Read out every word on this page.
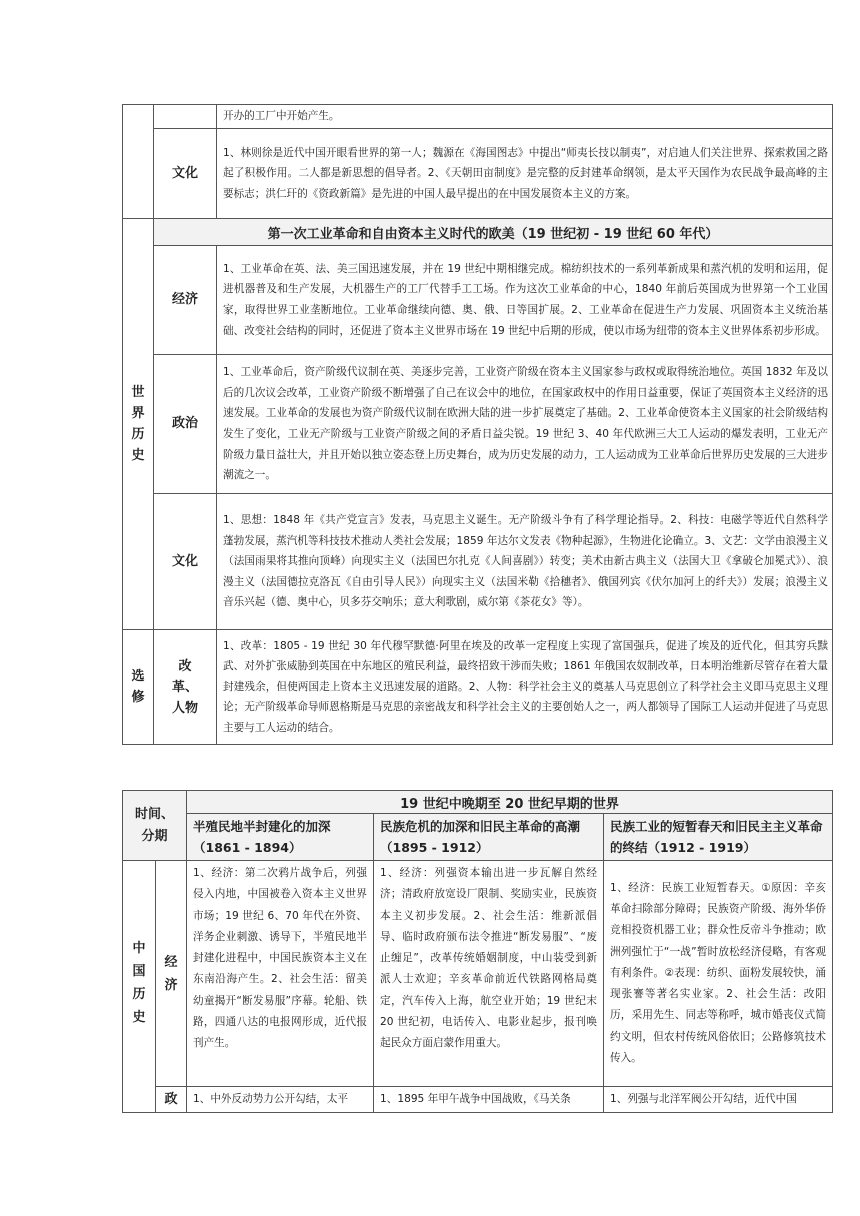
		开办的工厂中开始产生。
	文化	1、林则徐是近代中国开眼看世界的第一人；魏源在《海国图志》中提出“师夷长技以制夷”，对启迪人们关注世界、探索救国之路起了积极作用。二人都是新思想的倡导者。2、《天朝田亩制度》是完整的反封建革命纲领，是太平天国作为农民战争最高峰的主要标志；洪仁玕的《资政新篇》是先进的中国人最早提出的在中国发展资本主义的方案。
世界历史	第一次工业革命和自由资本主义时代的欧美（19 世纪初 - 19 世纪 60 年代）	
	经济	1、工业革命在英、法、美三国迅速发展，并在 19 世纪中期相继完成。棉纺织技术的一系列革新成果和蒸汽机的发明和运用，促进机器普及和生产发展，大机器生产的工厂代替手工工场。作为这次工业革命的中心，1840 年前后英国成为世界第一个工业国家，取得世界工业垄断地位。工业革命继续向德、奥、俄、日等国扩展。2、工业革命在促进生产力发展、巩固资本主义统治基础、改变社会结构的同时，还促进了资本主义世界市场在 19 世纪中后期的形成，使以市场为纽带的资本主义世界体系初步形成。
	政治	1、工业革命后，资产阶级代议制在英、美逐步完善，工业资产阶级在资本主义国家参与政权或取得统治地位。英国 1832 年及以后的几次议会改革，工业资产阶级不断增强了自己在议会中的地位，在国家政权中的作用日益重要，保证了英国资本主义经济的迅速发展。工业革命的发展也为资产阶级代议制在欧洲大陆的进一步扩展奠定了基础。2、工业革命使资本主义国家的社会阶级结构发生了变化，工业无产阶级与工业资产阶级之间的矛盾日益尖锐。19 世纪 3、40 年代欧洲三大工人运动的爆发表明，工业无产阶级力量日益壮大，并且开始以独立姿态登上历史舞台，成为历史发展的动力，工人运动成为工业革命后世界历史发展的三大进步潮流之一。
	文化	1、思想：1848 年《共产党宣言》发表，马克思主义诞生。无产阶级斗争有了科学理论指导。2、科技：电磁学等近代自然科学蓬勃发展，蒸汽机等科技技术推动人类社会发展；1859 年达尔文发表《物种起源》，生物进化论确立。3、文艺：文学由浪漫主义（法国雨果将其推向顶峰）向现实主义（法国巴尔扎克《人间喜剧》）转变；美术由新古典主义（法国大卫《拿破仑加冕式》）、浪漫主义（法国德拉克洛瓦《自由引导人民》）向现实主义（法国米勒《拾穗者》、俄国列宾《伏尔加河上的纤夫》）发展；浪漫主义音乐兴起（德、奥中心，贝多芬交响乐；意大利歌剧，威尔第《茶花女》等）。
选修	改革、人物	1、改革：1805 - 19 世纪 30 年代穆罕默德·阿里在埃及的改革一定程度上实现了富国强兵，促进了埃及的近代化，但其穷兵黩武、对外扩张威胁到英国在中东地区的殖民利益，最终招致干涉而失败；1861 年俄国农奴制改革，日本明治维新尽管存在着大量封建残余，但使两国走上资本主义迅速发展的道路。2、人物：科学社会主义的奠基人马克思创立了科学社会主义即马克思主义理论；无产阶级革命导师恩格斯是马克思的亲密战友和科学社会主义的主要创始人之一，两人都领导了国际工人运动并促进了马克思主要与工人运动的结合。
时间、分期		19 世纪中晚期至 20 世纪早期的世界		
		半殖民地半封建化的加深（1861 - 1894）	民族危机的加深和旧民主革命的高潮（1895 - 1912）	民族工业的短暂春天和旧民主主义革命的终结（1912 - 1919）
中国历史	经济	1、经济：第二次鸦片战争后，列强侵入内地，中国被卷入资本主义世界市场；19 世纪 6、70 年代在外资、洋务企业刺激、诱导下，半殖民地半封建化进程中，中国民族资本主义在东南沿海产生。2、社会生活：留美幼童揭开“断发易服”序幕。轮船、铁路，四通八达的电报网形成，近代报刊产生。	1、经济：列强资本输出进一步瓦解自然经济；清政府放宽设厂限制、奖励实业，民族资本主义初步发展。2、社会生活：维新派倡导、临时政府颁布法令推进“断发易服”、“废止缠足”，改革传统婚姻制度，中山装受到新派人士欢迎；辛亥革命前近代铁路网格局奠定，汽车传入上海，航空业开始；19 世纪末 20 世纪初，电话传入、电影业起步，报刊唤起民众方面启蒙作用重大。	1、经济：民族工业短暂春天。①原因：辛亥革命扫除部分障碍；民族资产阶级、海外华侨竞相投资机器工业；群众性反帝斗争推动；欧洲列强忙于“一战”暂时放松经济侵略，有客观有利条件。②表现：纺织、面粉发展较快，涌现张謇等著名实业家。2、社会生活：改阳历，采用先生、同志等称呼，城市婚丧仪式简约文明，但农村传统风俗依旧；公路修筑技术传入。
	政	1、中外反动势力公开勾结，太平	1、1895 年甲午战争中国战败，《马关条	1、列强与北洋军阀公开勾结，近代中国
